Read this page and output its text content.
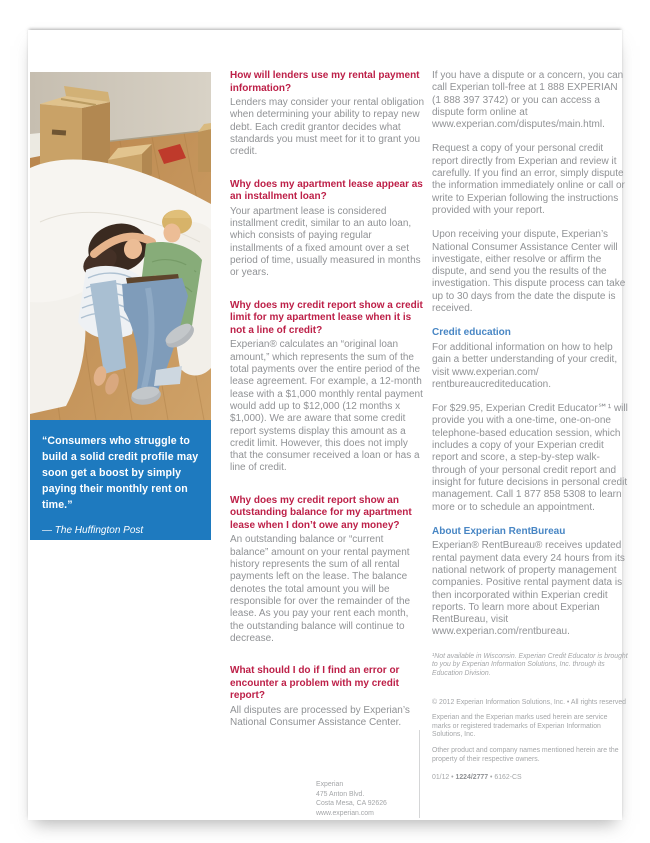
“Consumers who struggle to build a solid credit profile may soon get a boost by simply paying their monthly rent on time.”

— The Huffington Post

How will lenders use my rental payment information?

Lenders may consider your rental obligation when determining your ability to repay new debt. Each credit grantor decides what standards you must meet for it to grant you credit.

Why does my apartment lease appear as an installment loan?

Your apartment lease is considered installment credit, similar to an auto loan, which consists of paying regular installments of a fixed amount over a set period of time, usually measured in months or years.

Why does my credit report show a credit limit for my apartment lease when it is not a line of credit?

Experian® calculates an “original loan amount,” which represents the sum of the total payments over the entire period of the lease agreement. For example, a 12-month lease with a $1,000 monthly rental payment would add up to $12,000 (12 months x $1,000). We are aware that some credit report systems display this amount as a credit limit. However, this does not imply that the consumer received a loan or has a line of credit.

Why does my credit report show an outstanding balance for my apartment lease when I don’t owe any money?

An outstanding balance or “current balance” amount on your rental payment history represents the sum of all rental payments left on the lease. The balance denotes the total amount you will be responsible for over the remainder of the lease. As you pay your rent each month, the outstanding balance will continue to decrease.

What should I do if I find an error or encounter a problem with my credit report?

All disputes are processed by Experian’s National Consumer Assistance Center.

If you have a dispute or a concern, you can call Experian toll-free at 1 888 EXPERIAN (1 888 397 3742) or you can access a dispute form online at www.experian.com/disputes/main.html.

Request a copy of your personal credit report directly from Experian and review it carefully. If you find an error, simply dispute the information immediately online or call or write to Experian following the instructions provided with your report.

Upon receiving your dispute, Experian’s National Consumer Assistance Center will investigate, either resolve or affirm the dispute, and send you the results of the investigation. This dispute process can take up to 30 days from the date the dispute is received.

Credit education

For additional information on how to help gain a better understanding of your credit, visit www.experian.com/ rentbureaucrediteducation.

For $29.95, Experian Credit Educator℠¹ will provide you with a one-time, one-on-one telephone-based education session, which includes a copy of your Experian credit report and score, a step-by-step walk-through of your personal credit report and insight for future decisions in personal credit management. Call 1 877 858 5308 to learn more or to schedule an appointment.

About Experian RentBureau

Experian® RentBureau® receives updated rental payment data every 24 hours from its national network of property management companies. Positive rental payment data is then incorporated within Experian credit reports. To learn more about Experian RentBureau, visit www.experian.com/rentbureau.

¹Not available in Wisconsin. Experian Credit Educator is brought to you by Experian Information Solutions, Inc. through its Education Division.

© 2012 Experian Information Solutions, Inc. • All rights reserved

Experian and the Experian marks used herein are service marks or registered trademarks of Experian Information Solutions, Inc.

Other product and company names mentioned herein are the property of their respective owners.

01/12 • 1224/2777 • 6162-CS

Experian
475 Anton Blvd.
Costa Mesa, CA 92626
www.experian.com
